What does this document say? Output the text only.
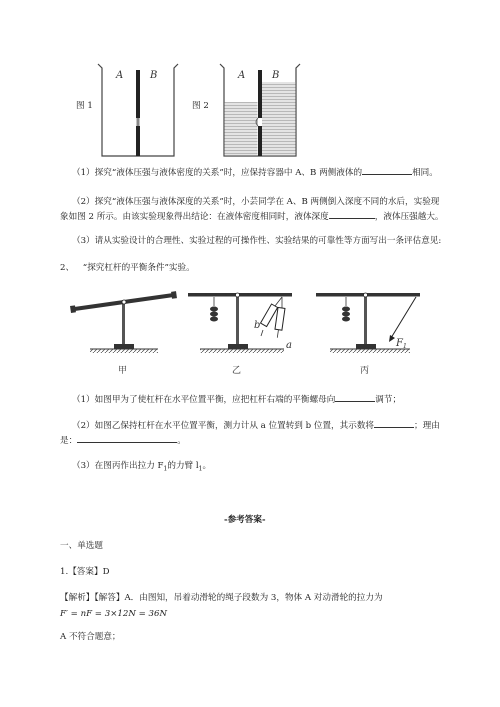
图 1
A	B
图 2
A	B
（1）探究“液体压强与液体密度的关系”时，应保持容器中 A、B 两侧液体的	相同。
（2）探究“液体压强与液体深度的关系”时，小芸同学在 A、B 两侧倒入深度不同的水后，实验现
象如图 2 所示。由该实验现象得出结论：在液体密度相同时，液体深度	，液体压强越大。
（3）请从实验设计的合理性、实验过程的可操作性、实验结果的可靠性等方面写出一条评估意见:
2、 “探究杠杆的平衡条件”实验。
甲
b
a
乙
$F_1$
丙
（1）如图甲为了使杠杆在水平位置平衡，应把杠杆右端的平衡螺母向	调节；
（2）如图乙保持杠杆在水平位置平衡，测力计从 a 位置转到 b 位置，其示数将	；理由
是：	。
（3）在图丙作出拉力 $F_1$的力臂 $l_1$。
-参考答案-
一、单选题
1.【答案】D
【解析】【解答】A．由图知，吊着动滑轮的绳子段数为 3，物体 A 对动滑轮的拉力为
F′ = nF = 3×12N = 36N
A 不符合题意；
